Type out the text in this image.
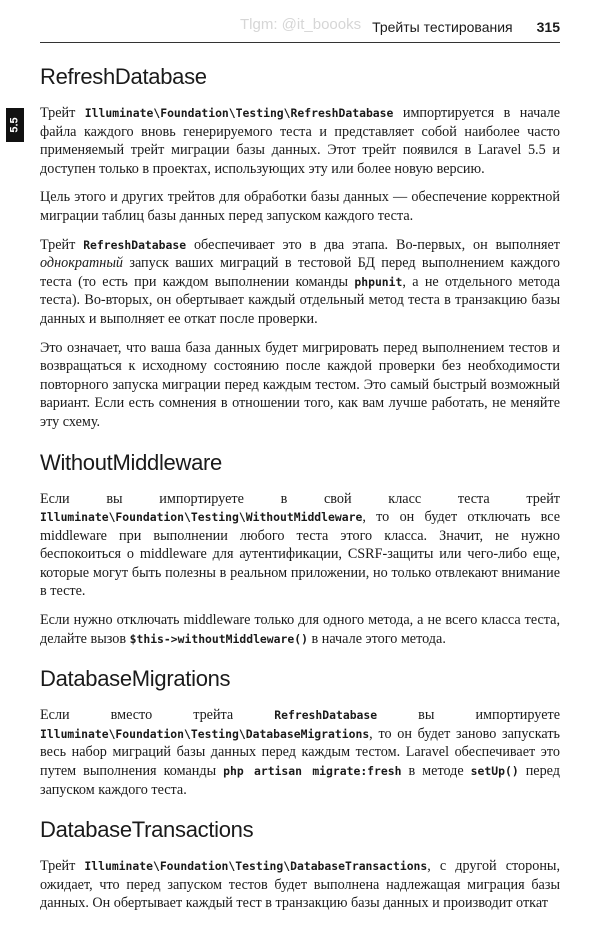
Tlgm: @it_boooks Трейты тестирования 315
5.5
RefreshDatabase

Трейт Illuminate\Foundation\Testing\RefreshDatabase импортируется в начале файла каждого вновь генерируемого теста и представляет собой наиболее часто применяемый трейт миграции базы данных. Этот трейт появился в Laravel 5.5 и доступен только в проектах, использующих эту или более новую версию.

Цель этого и других трейтов для обработки базы данных — обеспечение корректной миграции таблиц базы данных перед запуском каждого теста.

Трейт RefreshDatabase обеспечивает это в два этапа. Во-первых, он выполняет однократный запуск ваших миграций в тестовой БД перед выполнением каждого теста (то есть при каждом выполнении команды phpunit, а не отдельного метода теста). Во-вторых, он обертывает каждый отдельный метод теста в транзакцию базы данных и выполняет ее откат после проверки.

Это означает, что ваша база данных будет мигрировать перед выполнением тестов и возвращаться к исходному состоянию после каждой проверки без необходимости повторного запуска миграции перед каждым тестом. Это самый быстрый возможный вариант. Если есть сомнения в отношении того, как вам лучше работать, не меняйте эту схему.

WithoutMiddleware

Если вы импортируете в свой класс теста трейт Illuminate\Foundation\Testing\WithoutMiddleware, то он будет отключать все middleware при выполнении любого теста этого класса. Значит, не нужно беспокоиться о middleware для аутентификации, CSRF-защиты или чего-либо еще, которые могут быть полезны в реальном приложении, но только отвлекают внимание в тесте.

Если нужно отключать middleware только для одного метода, а не всего класса теста, делайте вызов $this->withoutMiddleware() в начале этого метода.

DatabaseMigrations

Если вместо трейта RefreshDatabase вы импортируете Illuminate\Foundation\Testing\DatabaseMigrations, то он будет заново запускать весь набор миграций базы данных перед каждым тестом. Laravel обеспечивает это путем выполнения команды php artisan migrate:fresh в методе setUp() перед запуском каждого теста.

DatabaseTransactions

Трейт Illuminate\Foundation\Testing\DatabaseTransactions, с другой стороны, ожидает, что перед запуском тестов будет выполнена надлежащая миграция базы данных. Он обертывает каждый тест в транзакцию базы данных и производит откат
